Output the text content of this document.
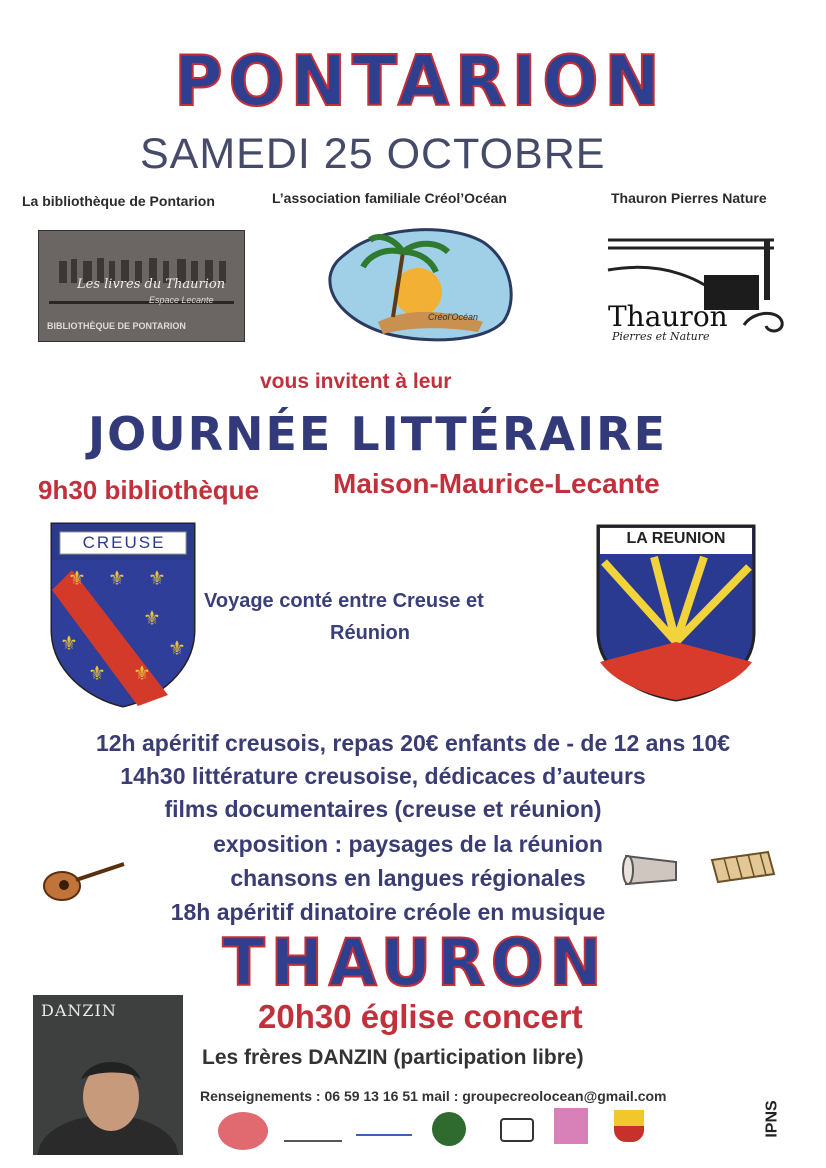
PONTARION
SAMEDI 25 OCTOBRE
La bibliothèque de Pontarion	L’association familiale Créol’Océan	Thauron Pierres Nature
Les livres du Thaurion
Espace Lecante
BIBLIOTHÈQUE DE PONTARION
Créol’Océan	Thauron
Pierres et Nature
vous invitent à leur
JOURNÉE LITTÉRAIRE
9h30 bibliothèque	Maison-Maurice-Lecante
⚜ ⚜ ⚜
⚜
⚜
⚜
⚜ ⚜
CREUSE
Voyage conté entre Creuse et
Réunion
LA REUNION
12h apéritif creusois, repas 20€ enfants de - de 12 ans 10€
14h30 littérature creusoise, dédicaces d’auteurs
films documentaires (creuse et réunion)
exposition : paysages de la réunion
chansons en langues régionales
18h apéritif dinatoire créole en musique
THAURON
DANZIN	20h30 église concert
Les frères DANZIN (participation libre)
Renseignements : 06 59 13 16 51 mail : groupecreolocean@gmail.com
IPNS
